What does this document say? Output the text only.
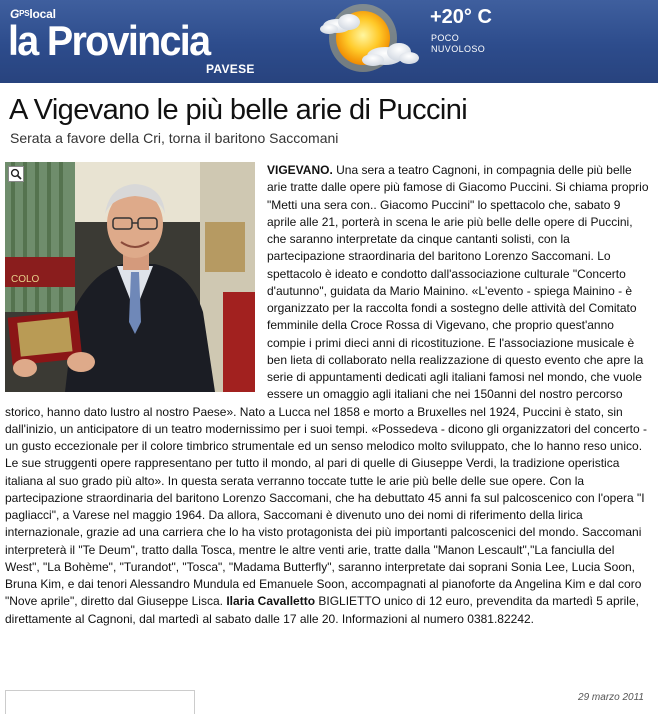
GPSlocal
la Provincia
PAVESE
+20° C
POCO
NUVOLOSO
A Vigevano le più belle arie di Puccini
Serata a favore della Cri, torna il baritono Saccomani
COLO

VIGEVANO. Una sera a teatro Cagnoni, in compagnia delle più belle arie tratte dalle opere più famose di Giacomo Puccini. Si chiama proprio "Metti una sera con.. Giacomo Puccini" lo spettacolo che, sabato 9 aprile alle 21, porterà in scena le arie più belle delle opere di Puccini, che saranno interpretate da cinque cantanti solisti, con la partecipazione straordinaria del baritono Lorenzo Saccomani. Lo spettacolo è ideato e condotto dall'associazione culturale "Concerto d'autunno", guidata da Mario Mainino. «L'evento - spiega Mainino - è organizzato per la raccolta fondi a sostegno delle attività del Comitato femminile della Croce Rossa di Vigevano, che proprio quest'anno compie i primi dieci anni di ricostituzione. E l'associazione musicale è ben lieta di collaborato nella realizzazione di questo evento che apre la serie di appuntamenti dedicati agli italiani famosi nel mondo, che vuole essere un omaggio agli italiani che nei 150anni del nostro percorso storico, hanno dato lustro al nostro Paese». Nato a Lucca nel 1858 e morto a Bruxelles nel 1924, Puccini è stato, sin dall'inizio, un anticipatore di un teatro modernissimo per i suoi tempi. «Possedeva - dicono gli organizzatori del concerto - un gusto eccezionale per il colore timbrico strumentale ed un senso melodico molto sviluppato, che lo hanno reso unico. Le sue struggenti opere rappresentano per tutto il mondo, al pari di quelle di Giuseppe Verdi, la tradizione operistica italiana al suo grado più alto». In questa serata verranno toccate tutte le arie più belle delle sue opere. Con la partecipazione straordinaria del baritono Lorenzo Saccomani, che ha debuttato 45 anni fa sul palcoscenico con l'opera "I pagliacci", a Varese nel maggio 1964. Da allora, Saccomani è divenuto uno dei nomi di riferimento della lirica internazionale, grazie ad una carriera che lo ha visto protagonista dei più importanti palcoscenici del mondo. Saccomani interpreterà il "Te Deum", tratto dalla Tosca, mentre le altre venti arie, tratte dalla "Manon Lescault","La fanciulla del West", "La Bohème", "Turandot", "Tosca", "Madama Butterfly", saranno interpretate dai soprani Sonia Lee, Lucia Soon, Bruna Kim, e dai tenori Alessandro Mundula ed Emanuele Soon, accompagnati al pianoforte da Angelina Kim e dal coro "Nove aprile", diretto dal Giuseppe Lisca. Ilaria Cavalletto BIGLIETTO unico di 12 euro, prevendita da martedì 5 aprile, direttamente al Cagnoni, dal martedì al sabato dalle 17 alle 20. Informazioni al numero 0381.82242.

29 marzo 2011
